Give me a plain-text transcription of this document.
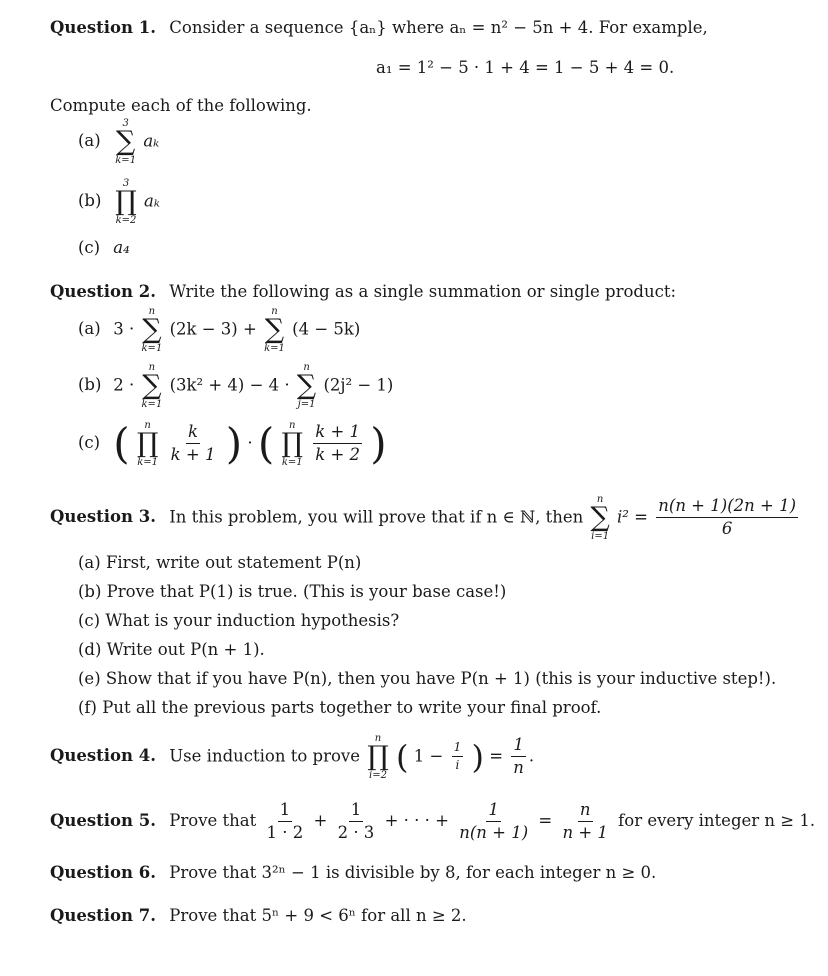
Question 1. Consider a sequence {aₙ} where aₙ = n² − 5n + 4. For example,
a₁ = 1² − 5 · 1 + 4 = 1 − 5 + 4 = 0.
Compute each of the following.
(a)
3
∑
k=1
aₖ
(b)
3
∏
k=2
aₖ
(c) a₄
Question 2. Write the following as a single summation or single product:
(a) 3 ·
n
∑
k=1
(2k − 3) +
n
∑
k=1
(4 − 5k)
(b) 2 ·
n
∑
k=1
(3k² + 4) − 4 ·
n
∑
j=1
(2j² − 1)
(c) ( n
∏
k=1
$\frac{k}{k + 1}$ ) · ( n
∏
k=1
$\frac{k + 1}{k + 2}$ )
Question 3. In this problem, you will prove that if n ∈ ℕ, then
n
∑
i=1
$i^2 = \frac{n(n + 1)(2n + 1)}{6}$
(a) First, write out statement P(n)
(b) Prove that P(1) is true. (This is your base case!)
(c) What is your induction hypothesis?
(d) Write out P(n + 1).
(e) Show that if you have P(n), then you have P(n + 1) (this is your inductive step!).
(f) Put all the previous parts together to write your final proof.
Question 4. Use induction to prove
n
∏
i=2 ( $1 - \frac{1}{i}$ ) = $\frac{1}{n}$ .
Question 5. Prove that $\frac{1}{1 \cdot 2} + \frac{1}{2 \cdot 3}$ + · · · + $\frac{1}{n(n + 1)} = \frac{n}{n + 1}$ for every integer n ≥ 1.
Question 6. Prove that 3²ⁿ − 1 is divisible by 8, for each integer n ≥ 0.
Question 7. Prove that 5ⁿ + 9 < 6ⁿ for all n ≥ 2.
